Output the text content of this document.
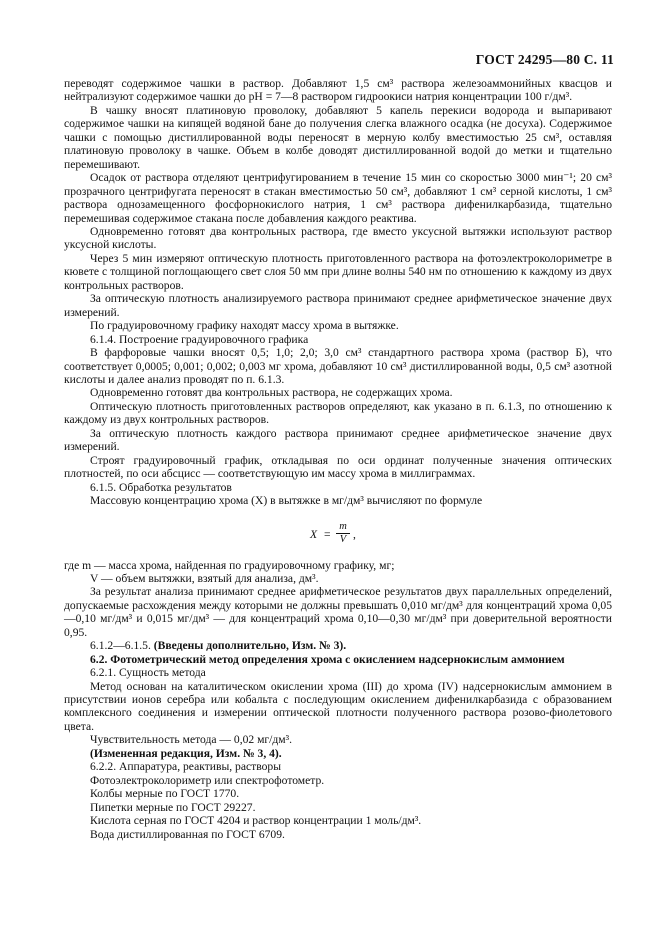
ГОСТ 24295—80 С. 11

переводят содержимое чашки в раствор. Добавляют 1,5 см³ раствора железоаммонийных квасцов и нейтрализуют содержимое чашки до pH = 7—8 раствором гидроокиси натрия концентрации 100 г/дм³.

В чашку вносят платиновую проволоку, добавляют 5 капель перекиси водорода и выпаривают содержимое чашки на кипящей водяной бане до получения слегка влажного осадка (не досуха). Содержимое чашки с помощью дистиллированной воды переносят в мерную колбу вместимостью 25 см³, оставляя платиновую проволоку в чашке. Объем в колбе доводят дистиллированной водой до метки и тщательно перемешивают.

Осадок от раствора отделяют центрифугированием в течение 15 мин со скоростью 3000 мин⁻¹; 20 см³ прозрачного центрифугата переносят в стакан вместимостью 50 см³, добавляют 1 см³ серной кислоты, 1 см³ раствора однозамещенного фосфорнокислого натрия, 1 см³ раствора дифенилкарбазида, тщательно перемешивая содержимое стакана после добавления каждого реактива.

Одновременно готовят два контрольных раствора, где вместо уксусной вытяжки используют раствор уксусной кислоты.

Через 5 мин измеряют оптическую плотность приготовленного раствора на фотоэлектроколориметре в кювете с толщиной поглощающего свет слоя 50 мм при длине волны 540 нм по отношению к каждому из двух контрольных растворов.

За оптическую плотность анализируемого раствора принимают среднее арифметическое значение двух измерений.

По градуировочному графику находят массу хрома в вытяжке.

6.1.4. Построение градуировочного графика

В фарфоровые чашки вносят 0,5; 1,0; 2,0; 3,0 см³ стандартного раствора хрома (раствор Б), что соответствует 0,0005; 0,001; 0,002; 0,003 мг хрома, добавляют 10 см³ дистиллированной воды, 0,5 см³ азотной кислоты и далее анализ проводят по п. 6.1.3.

Одновременно готовят два контрольных раствора, не содержащих хрома.

Оптическую плотность приготовленных растворов определяют, как указано в п. 6.1.3, по отношению к каждому из двух контрольных растворов.

За оптическую плотность каждого раствора принимают среднее арифметическое значение двух измерений.

Строят градуировочный график, откладывая по оси ординат полученные значения оптических плотностей, по оси абсцисс — соответствующую им массу хрома в миллиграммах.

6.1.5. Обработка результатов

Массовую концентрацию хрома (X) в вытяжке в мг/дм³ вычисляют по формуле

$X = \frac{m}{V}$ ,

где m — масса хрома, найденная по градуировочному графику, мг;

V — объем вытяжки, взятый для анализа, дм³.

За результат анализа принимают среднее арифметическое результатов двух параллельных определений, допускаемые расхождения между которыми не должны превышать 0,010 мг/дм³ для концентраций хрома 0,05—0,10 мг/дм³ и 0,015 мг/дм³ — для концентраций хрома 0,10—0,30 мг/дм³ при доверительной вероятности 0,95.

6.1.2—6.1.5. (Введены дополнительно, Изм. № 3).

6.2. Фотометрический метод определения хрома с окислением надсернокислым аммонием

6.2.1. Сущность метода

Метод основан на каталитическом окислении хрома (III) до хрома (IV) надсернокислым аммонием в присутствии ионов серебра или кобальта с последующим окислением дифенилкарбазида с образованием комплексного соединения и измерении оптической плотности полученного раствора розово-фиолетового цвета.

Чувствительность метода — 0,02 мг/дм³.

(Измененная редакция, Изм. № 3, 4).

6.2.2. Аппаратура, реактивы, растворы

Фотоэлектроколориметр или спектрофотометр.

Колбы мерные по ГОСТ 1770.

Пипетки мерные по ГОСТ 29227.

Кислота серная по ГОСТ 4204 и раствор концентрации 1 моль/дм³.

Вода дистиллированная по ГОСТ 6709.
